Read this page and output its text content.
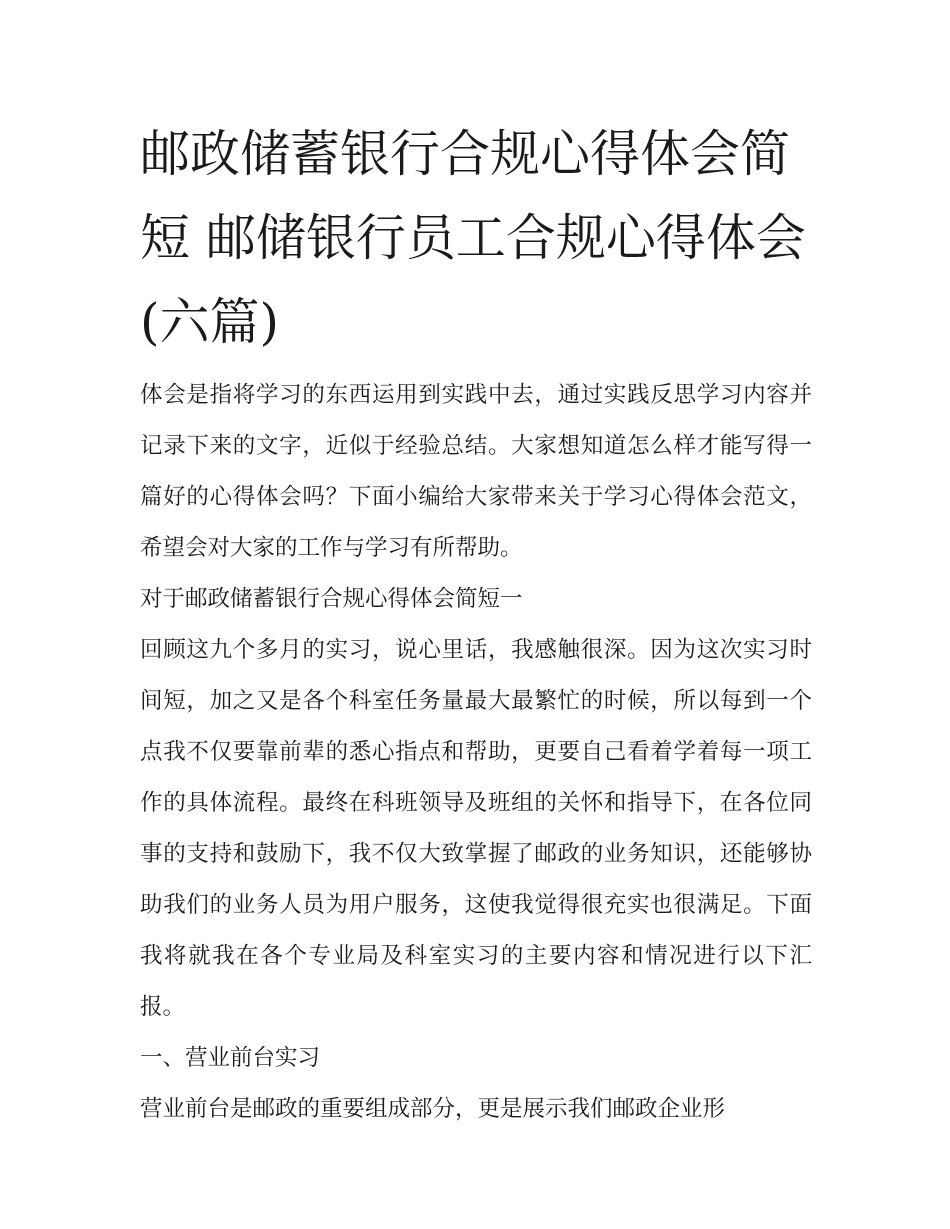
邮政储蓄银行合规心得体会简短 邮储银行员工合规心得体会(六篇)

体会是指将学习的东西运用到实践中去，通过实践反思学习内容并记录下来的文字，近似于经验总结。大家想知道怎么样才能写得一篇好的心得体会吗？下面小编给大家带来关于学习心得体会范文，希望会对大家的工作与学习有所帮助。

对于邮政储蓄银行合规心得体会简短一

回顾这九个多月的实习，说心里话，我感触很深。因为这次实习时间短，加之又是各个科室任务量最大最繁忙的时候，所以每到一个点我不仅要靠前辈的悉心指点和帮助，更要自己看着学着每一项工作的具体流程。最终在科班领导及班组的关怀和指导下，在各位同事的支持和鼓励下，我不仅大致掌握了邮政的业务知识，还能够协助我们的业务人员为用户服务，这使我觉得很充实也很满足。下面我将就我在各个专业局及科室实习的主要内容和情况进行以下汇报。

一、营业前台实习

营业前台是邮政的重要组成部分，更是展示我们邮政企业形
